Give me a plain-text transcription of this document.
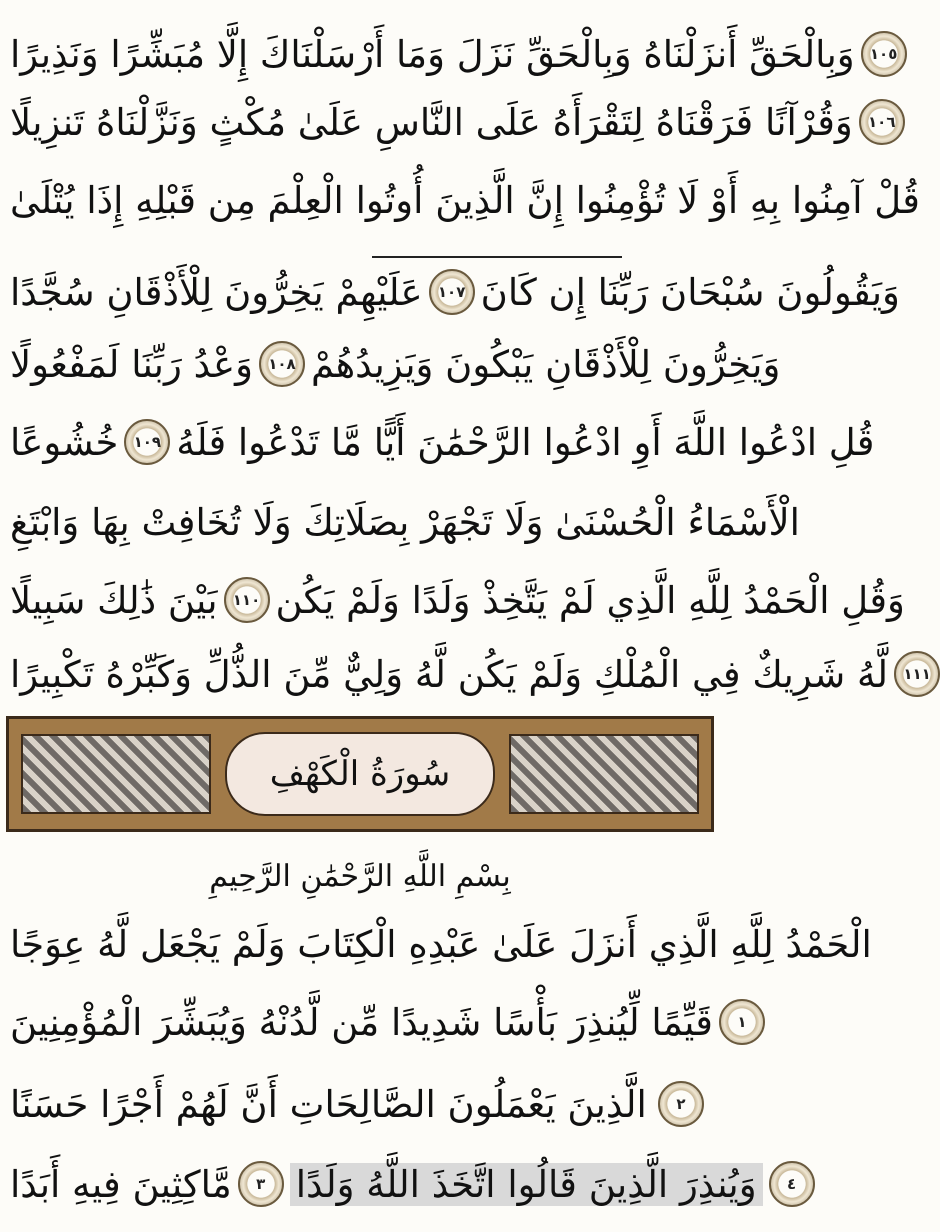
وَبِالْحَقِّ أَنزَلْنَاهُ وَبِالْحَقِّ نَزَلَ وَمَا أَرْسَلْنَاكَ إِلَّا مُبَشِّرًا وَنَذِيرًا	١٠٥
وَقُرْآنًا فَرَقْنَاهُ لِتَقْرَأَهُ عَلَى النَّاسِ عَلَىٰ مُكْثٍ وَنَزَّلْنَاهُ تَنزِيلًا	١٠٦
قُلْ آمِنُوا بِهِ أَوْ لَا تُؤْمِنُوا إِنَّ الَّذِينَ أُوتُوا الْعِلْمَ مِن قَبْلِهِ إِذَا يُتْلَىٰ
عَلَيْهِمْ يَخِرُّونَ لِلْأَذْقَانِ سُجَّدًا	١٠٧ وَيَقُولُونَ سُبْحَانَ رَبِّنَا إِن كَانَ
وَعْدُ رَبِّنَا لَمَفْعُولًا	١٠٨ وَيَخِرُّونَ لِلْأَذْقَانِ يَبْكُونَ وَيَزِيدُهُمْ
خُشُوعًا	١٠٩ قُلِ ادْعُوا اللَّهَ أَوِ ادْعُوا الرَّحْمَٰنَ أَيًّا مَّا تَدْعُوا فَلَهُ
الْأَسْمَاءُ الْحُسْنَىٰ وَلَا تَجْهَرْ بِصَلَاتِكَ وَلَا تُخَافِتْ بِهَا وَابْتَغِ
بَيْنَ ذَٰلِكَ سَبِيلًا	١١٠ وَقُلِ الْحَمْدُ لِلَّهِ الَّذِي لَمْ يَتَّخِذْ وَلَدًا وَلَمْ يَكُن
لَّهُ شَرِيكٌ فِي الْمُلْكِ وَلَمْ يَكُن لَّهُ وَلِيٌّ مِّنَ الذُّلِّ وَكَبِّرْهُ تَكْبِيرًا	١١١
سُورَةُ الْكَهْفِ
بِسْمِ اللَّهِ الرَّحْمَٰنِ الرَّحِيمِ
الْحَمْدُ لِلَّهِ الَّذِي أَنزَلَ عَلَىٰ عَبْدِهِ الْكِتَابَ وَلَمْ يَجْعَل لَّهُ عِوَجًا
قَيِّمًا لِّيُنذِرَ بَأْسًا شَدِيدًا مِّن لَّدُنْهُ وَيُبَشِّرَ الْمُؤْمِنِينَ	١
الَّذِينَ يَعْمَلُونَ الصَّالِحَاتِ أَنَّ لَهُمْ أَجْرًا حَسَنًا	٢
مَّاكِثِينَ فِيهِ أَبَدًا	٣ وَيُنذِرَ الَّذِينَ قَالُوا اتَّخَذَ اللَّهُ وَلَدًا	٤
